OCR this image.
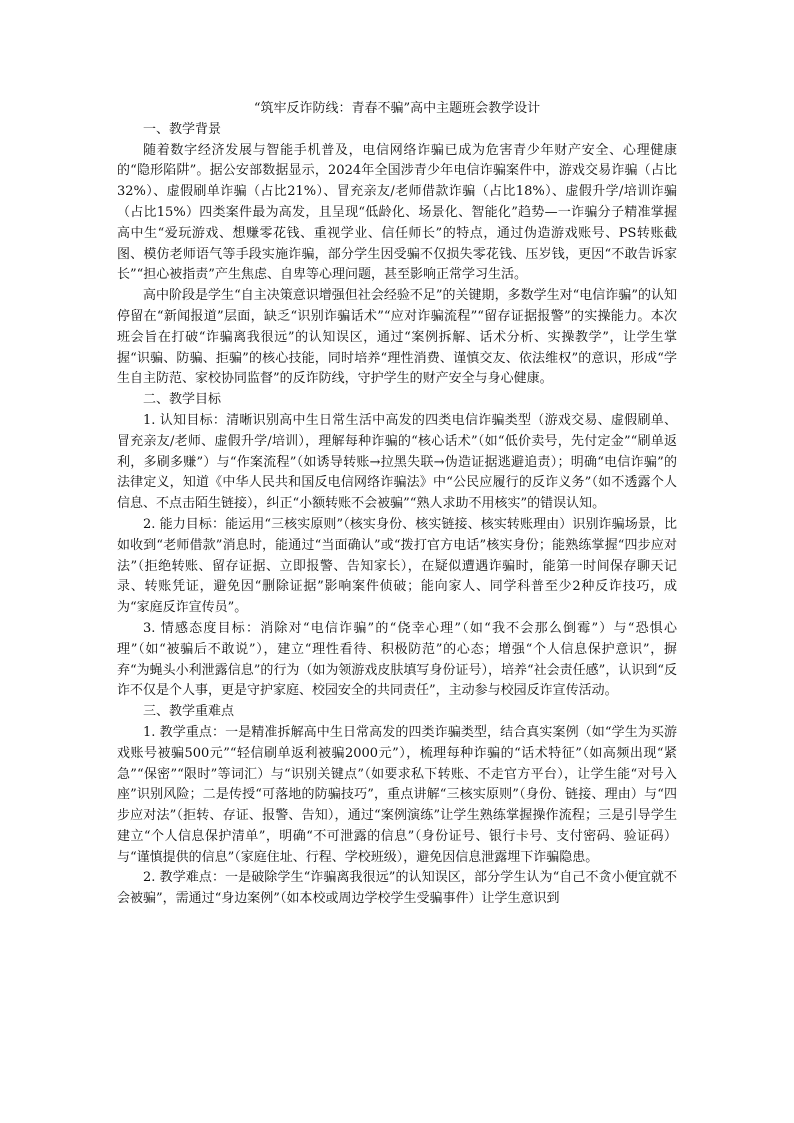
“筑牢反诈防线：青春不骗”高中主题班会教学设计

一、教学背景

随着数字经济发展与智能手机普及，电信网络诈骗已成为危害青少年财产安全、心理健康的“隐形陷阱”。据公安部数据显示，2024年全国涉青少年电信诈骗案件中，游戏交易诈骗（占比32%）、虚假刷单诈骗（占比21%）、冒充亲友/老师借款诈骗（占比18%）、虚假升学/培训诈骗（占比15%）四类案件最为高发，且呈现“低龄化、场景化、智能化”趋势—一诈骗分子精准掌握高中生“爱玩游戏、想赚零花钱、重视学业、信任师长”的特点，通过伪造游戏账号、PS转账截图、模仿老师语气等手段实施诈骗，部分学生因受骗不仅损失零花钱、压岁钱，更因“不敢告诉家长”“担心被指责”产生焦虑、自卑等心理问题，甚至影响正常学习生活。

高中阶段是学生“自主决策意识增强但社会经验不足”的关键期，多数学生对“电信诈骗”的认知停留在“新闻报道”层面，缺乏“识别诈骗话术”“应对诈骗流程”“留存证据报警”的实操能力。本次班会旨在打破“诈骗离我很远”的认知误区，通过“案例拆解、话术分析、实操教学”，让学生掌握“识骗、防骗、拒骗”的核心技能，同时培养“理性消费、谨慎交友、依法维权”的意识，形成“学生自主防范、家校协同监督”的反诈防线，守护学生的财产安全与身心健康。

二、教学目标

1. 认知目标：清晰识别高中生日常生活中高发的四类电信诈骗类型（游戏交易、虚假刷单、冒充亲友/老师、虚假升学/培训），理解每种诈骗的“核心话术”（如“低价卖号，先付定金”“刷单返利，多刷多赚”）与“作案流程”（如诱导转账→拉黑失联→伪造证据逃避追责）；明确“电信诈骗”的法律定义，知道《中华人民共和国反电信网络诈骗法》中“公民应履行的反诈义务”（如不透露个人信息、不点击陌生链接），纠正“小额转账不会被骗”“熟人求助不用核实”的错误认知。

2. 能力目标：能运用“三核实原则”（核实身份、核实链接、核实转账理由）识别诈骗场景，比如收到“老师借款”消息时，能通过“当面确认”或“拨打官方电话”核实身份；能熟练掌握“四步应对法”（拒绝转账、留存证据、立即报警、告知家长），在疑似遭遇诈骗时，能第一时间保存聊天记录、转账凭证，避免因“删除证据”影响案件侦破；能向家人、同学科普至少2种反诈技巧，成为“家庭反诈宣传员”。

3. 情感态度目标：消除对“电信诈骗”的“侥幸心理”（如“我不会那么倒霉”）与“恐惧心理”（如“被骗后不敢说”），建立“理性看待、积极防范”的心态；增强“个人信息保护意识”，摒弃“为蝇头小利泄露信息”的行为（如为领游戏皮肤填写身份证号），培养“社会责任感”，认识到“反诈不仅是个人事，更是守护家庭、校园安全的共同责任”，主动参与校园反诈宣传活动。

三、教学重难点

1. 教学重点：一是精准拆解高中生日常高发的四类诈骗类型，结合真实案例（如“学生为买游戏账号被骗500元”“轻信刷单返利被骗2000元”），梳理每种诈骗的“话术特征”（如高频出现“紧急”“保密”“限时”等词汇）与“识别关键点”（如要求私下转账、不走官方平台），让学生能“对号入座”识别风险；二是传授“可落地的防骗技巧”，重点讲解“三核实原则”（身份、链接、理由）与“四步应对法”（拒转、存证、报警、告知），通过“案例演练”让学生熟练掌握操作流程；三是引导学生建立“个人信息保护清单”，明确“不可泄露的信息”（身份证号、银行卡号、支付密码、验证码）与“谨慎提供的信息”（家庭住址、行程、学校班级），避免因信息泄露埋下诈骗隐患。

2. 教学难点：一是破除学生“诈骗离我很远”的认知误区，部分学生认为“自己不贪小便宜就不会被骗”，需通过“身边案例”（如本校或周边学校学生受骗事件）让学生意识到
